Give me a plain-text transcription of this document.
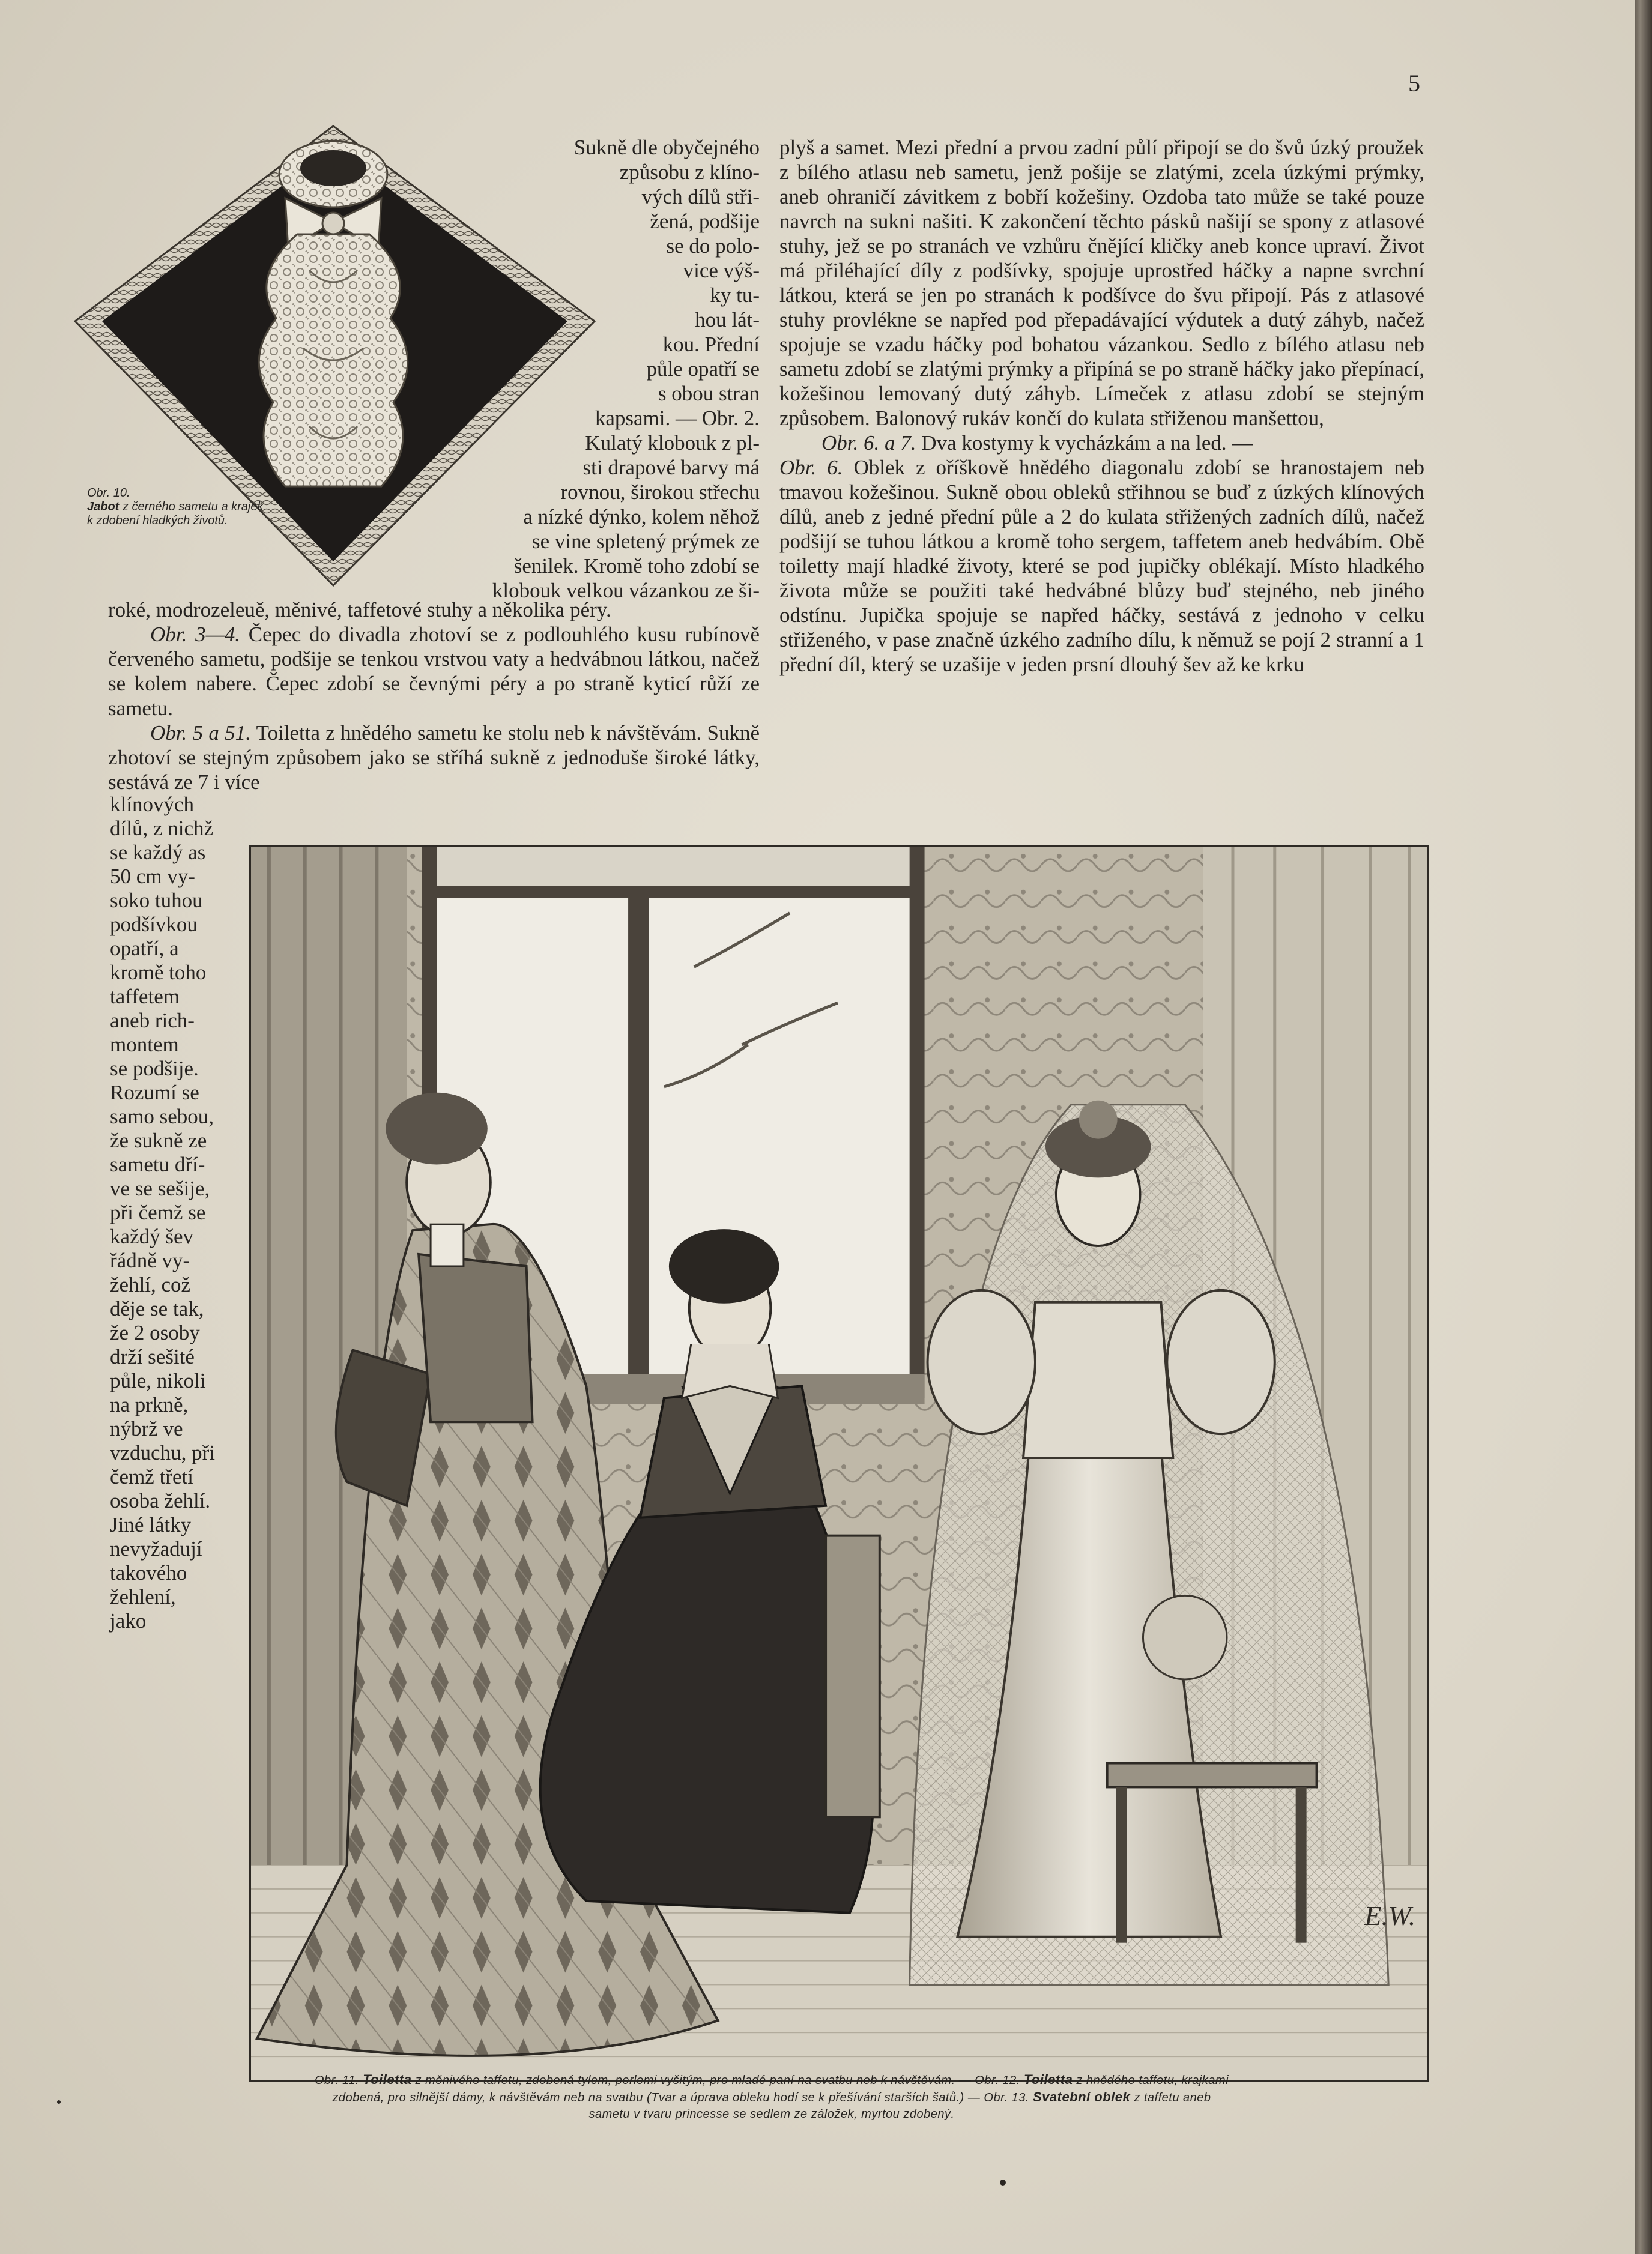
5
Obr. 10.
Jabot z černého sametu a krajek k zdobení hladkých životů.
Sukně dle obyčejného
způsobu z klíno-
vých dílů stři-
žená, podšije
se do polo-
vice výš-
ky tu-
hou lát-
kou. Přední
půle opatří se
s obou stran
kapsami. — Obr. 2.
Kulatý klobouk z pl-
sti drapové barvy má
rovnou, širokou střechu
a nízké dýnko, kolem něhož
se vine spletený prýmek ze
šenilek. Kromě toho zdobí se
klobouk velkou vázankou ze ši-

roké, modrozeleuě, měnivé, taffetové stuhy a několika péry.

Obr. 3—4. Čepec do divadla zhotoví se z podlouhlého kusu rubínově červeného sametu, podšije se tenkou vrstvou vaty a hedvábnou látkou, načež se kolem nabere. Čepec zdobí se čevnými péry a po straně kyticí růží ze sametu.

Obr. 5 a 51. Toiletta z hnědého sametu ke stolu neb k návštěvám. Sukně zhotoví se stejným způsobem jako se stříhá sukně z jednoduše široké látky, sestává ze 7 i více

klínových
dílů, z nichž
se každý as
50 cm vy-
soko tuhou
podšívkou
opatří, a
kromě toho
taffetem
aneb rich-
montem
se podšije.
Rozumí se
samo sebou,
že sukně ze
sametu dří-
ve se sešije,
při čemž se
každý šev
řádně vy-
žehlí, což
děje se tak,
že 2 osoby
drží sešité
půle, nikoli
na prkně,
nýbrž ve
vzduchu, při
čemž třetí
osoba žehlí.
Jiné látky
nevyžadují
takového
žehlení,
jako

plyš a samet. Mezi přední a prvou zadní půlí připojí se do švů úzký proužek z bílého atlasu neb sametu, jenž pošije se zlatými, zcela úzkými prýmky, aneb ohraničí závitkem z bobří kožešiny. Ozdoba tato může se také pouze navrch na sukni našiti. K zakončení těchto pásků našijí se spony z atlasové stuhy, jež se po stranách ve vzhůru čnějící kličky aneb konce upraví. Život má přiléhající díly z podšívky, spojuje uprostřed háčky a napne svrchní látkou, která se jen po stranách k podšívce do švu připojí. Pás z atlasové stuhy provlékne se napřed pod přepadávající výdutek a dutý záhyb, načež spojuje se vzadu háčky pod bohatou vázankou. Sedlo z bílého atlasu neb sametu zdobí se zlatými prýmky a připíná se po straně háčky jako přepínací, kožešinou lemovaný dutý záhyb. Límeček z atlasu zdobí se stejným způsobem. Balonový rukáv končí do kulata střiženou manšettou,

Obr. 6. a 7. Dva kostymy k vycházkám a na led. —

Obr. 6. Oblek z oříškově hnědého diagonalu zdobí se hranostajem neb tmavou kožešinou. Sukně obou obleků střihnou se buď z úzkých klínových dílů, aneb z jedné přední půle a 2 do kulata střižených zadních dílů, načež podšijí se tuhou látkou a kromě toho sergem, taffetem aneb hedvábím. Obě toiletty mají hladké životy, které se pod jupičky oblékají. Místo hladkého života může se použiti také hedvábné blůzy buď stejného, neb jiného odstínu. Jupička spojuje se napřed háčky, sestává z jednoho v celku střiženého, v pase značně úzkého zadního dílu, k němuž se pojí 2 stranní a 1 přední díl, který se uzašije v jeden prsní dlouhý šev až ke krku

E.W.
Obr. 11. Toiletta z měnivého taffetu, zdobená tylem, perlemi vyšitým, pro mladé paní na svatbu neb k návštěvám. — Obr. 12. Toiletta z hnědého taffetu, krajkami
zdobená, pro silnější dámy, k návštěvám neb na svatbu (Tvar a úprava obleku hodí se k přešívání starších šatů.) — Obr. 13. Svatební oblek z taffetu aneb
sametu v tvaru princesse se sedlem ze záložek, myrtou zdobený.
